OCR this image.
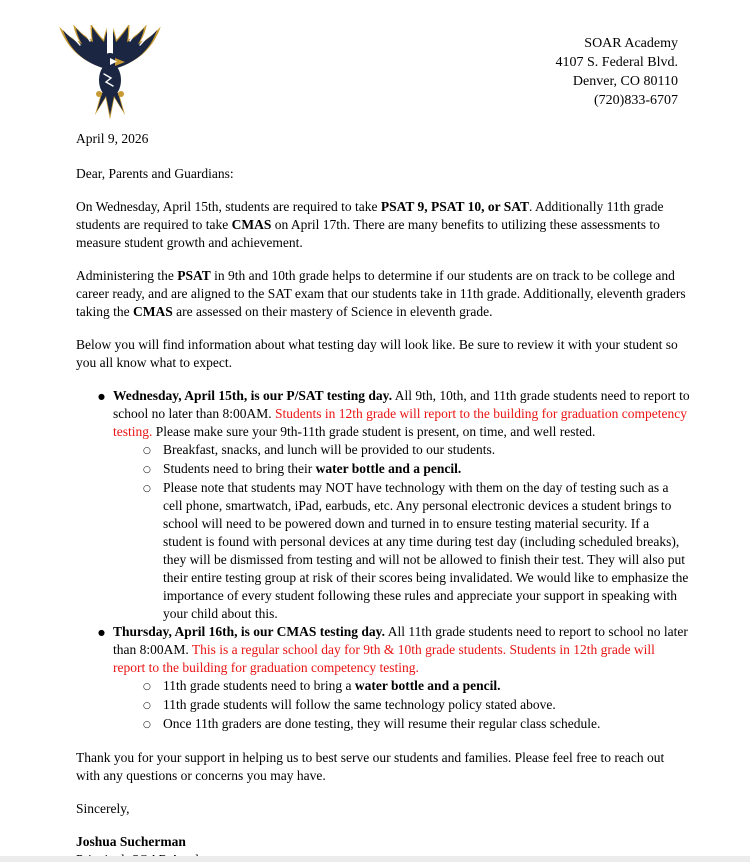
SOAR Academy
4107 S. Federal Blvd.
Denver, CO 80110
(720)833-6707
April 9, 2026
Dear, Parents and Guardians:
On Wednesday, April 15th, students are required to take PSAT 9, PSAT 10, or SAT. Additionally 11th grade students are required to take CMAS on April 17th. There are many benefits to utilizing these assessments to measure student growth and achievement.
Administering the PSAT in 9th and 10th grade helps to determine if our students are on track to be college and career ready, and are aligned to the SAT exam that our students take in 11th grade. Additionally, eleventh graders taking the CMAS are assessed on their mastery of Science in eleventh grade.
Below you will find information about what testing day will look like. Be sure to review it with your student so you all know what to expect.
● Wednesday, April 15th, is our P/SAT testing day. All 9th, 10th, and 11th grade students need to report to school no later than 8:00AM. Students in 12th grade will report to the building for graduation competency testing. Please make sure your 9th-11th grade student is present, on time, and well rested.
○ Breakfast, snacks, and lunch will be provided to our students.
○ Students need to bring their water bottle and a pencil.
○ Please note that students may NOT have technology with them on the day of testing such as a cell phone, smartwatch, iPad, earbuds, etc. Any personal electronic devices a student brings to school will need to be powered down and turned in to ensure testing material security. If a student is found with personal devices at any time during test day (including scheduled breaks), they will be dismissed from testing and will not be allowed to finish their test. They will also put their entire testing group at risk of their scores being invalidated. We would like to emphasize the importance of every student following these rules and appreciate your support in speaking with your child about this.
● Thursday, April 16th, is our CMAS testing day. All 11th grade students need to report to school no later than 8:00AM. This is a regular school day for 9th & 10th grade students. Students in 12th grade will report to the building for graduation competency testing.
○ 11th grade students need to bring a water bottle and a pencil.
○ 11th grade students will follow the same technology policy stated above.
○ Once 11th graders are done testing, they will resume their regular class schedule.
Thank you for your support in helping us to best serve our students and families. Please feel free to reach out with any questions or concerns you may have.
Sincerely,
Joshua Sucherman
